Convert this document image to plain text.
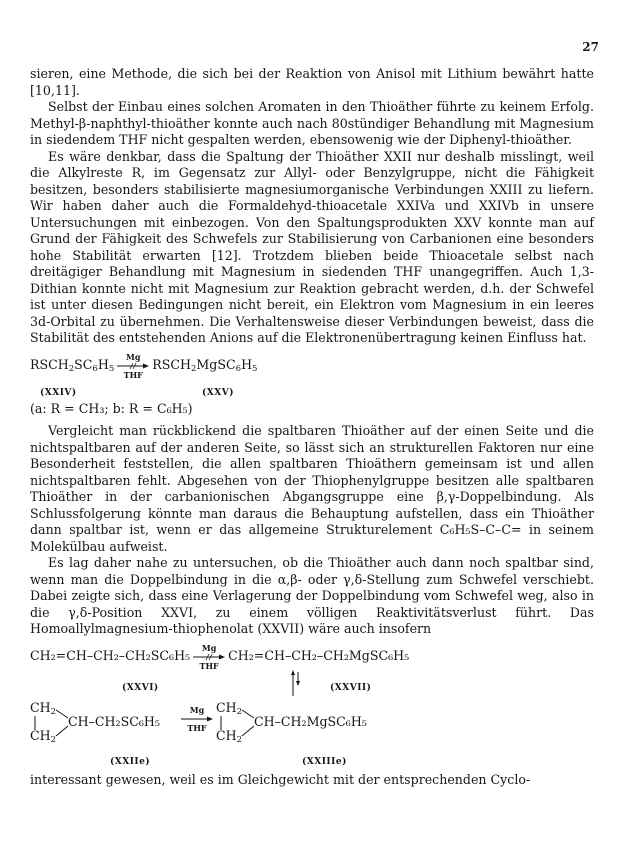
27

sieren, eine Methode, die sich bei der Reaktion von Anisol mit Lithium bewährt hatte [10,11].

Selbst der Einbau eines solchen Aromaten in den Thioäther führte zu keinem Erfolg. Methyl-β-naphthyl-thioäther konnte auch nach 80stündiger Behandlung mit Magnesium in siedendem THF nicht gespalten werden, ebensowenig wie der Diphenyl-thioäther.

Es wäre denkbar, dass die Spaltung der Thioäther XXII nur deshalb misslingt, weil die Alkylreste R, im Gegensatz zur Allyl- oder Benzylgruppe, nicht die Fähigkeit besitzen, besonders stabilisierte magnesiumorganische Verbindungen XXIII zu liefern. Wir haben daher auch die Formaldehyd-thioacetale XXIVa und XXIVb in unsere Untersuchungen mit einbezogen. Von den Spaltungsprodukten XXV konnte man auf Grund der Fähigkeit des Schwefels zur Stabilisierung von Carbanionen eine besonders hohe Stabilität erwarten [12]. Trotzdem blieben beide Thioacetale selbst nach dreitägiger Behandlung mit Magnesium in siedenden THF unangegriffen. Auch 1,3-Dithian konnte nicht mit Magnesium zur Reaktion gebracht werden, d.h. der Schwefel ist unter diesen Bedingungen nicht bereit, ein Elektron vom Magnesium in ein leeres 3d-Orbital zu übernehmen. Die Verhaltensweise dieser Verbindungen beweist, dass die Stabilität des entstehenden Anions auf die Elektronenübertragung keinen Einfluss hat.

$RSCH_2SC_6H_5$
Mg
THF
$RSCH_2MgSC_6H_5$
(XXIV)	(XXV)

(a: R = CH₃; b: R = C₆H₅)

Vergleicht man rückblickend die spaltbaren Thioäther auf der einen Seite und die nichtspaltbaren auf der anderen Seite, so lässt sich an strukturellen Faktoren nur eine Besonderheit feststellen, die allen spaltbaren Thioäthern gemeinsam ist und allen nichtspaltbaren fehlt. Abgesehen von der Thiophenylgruppe besitzen alle spaltbaren Thioäther in der carbanionischen Abgangsgruppe eine β,γ-Doppelbindung. Als Schlussfolgerung könnte man daraus die Behauptung aufstellen, dass ein Thioäther dann spaltbar ist, wenn er das allgemeine Strukturelement C₆H₅S–C–C= in seinem Molekülbau aufweist.

Es lag daher nahe zu untersuchen, ob die Thioäther auch dann noch spaltbar sind, wenn man die Doppelbindung in die α,β- oder γ,δ-Stellung zum Schwefel verschiebt. Dabei zeigte sich, dass eine Verlagerung der Doppelbindung vom Schwefel weg, also in die γ,δ-Position XXVI, zu einem völligen Reaktivitätsverlust führt. Das Homoallylmagnesium-thiophenolat (XXVII) wäre auch insofern

CH₂=CH–CH₂–CH₂SC₆H₅
Mg
THF
CH₂=CH–CH₂–CH₂MgSC₆H₅
(XXVI)	(XXVII)
$CH_2$
CH–CH₂SC₆H₅
$CH_2$
Mg
THF
$CH_2$
CH–CH₂MgSC₆H₅
$CH_2$
(XXIIe)	(XXIIIe)

interessant gewesen, weil es im Gleichgewicht mit der entsprechenden Cyclo-
